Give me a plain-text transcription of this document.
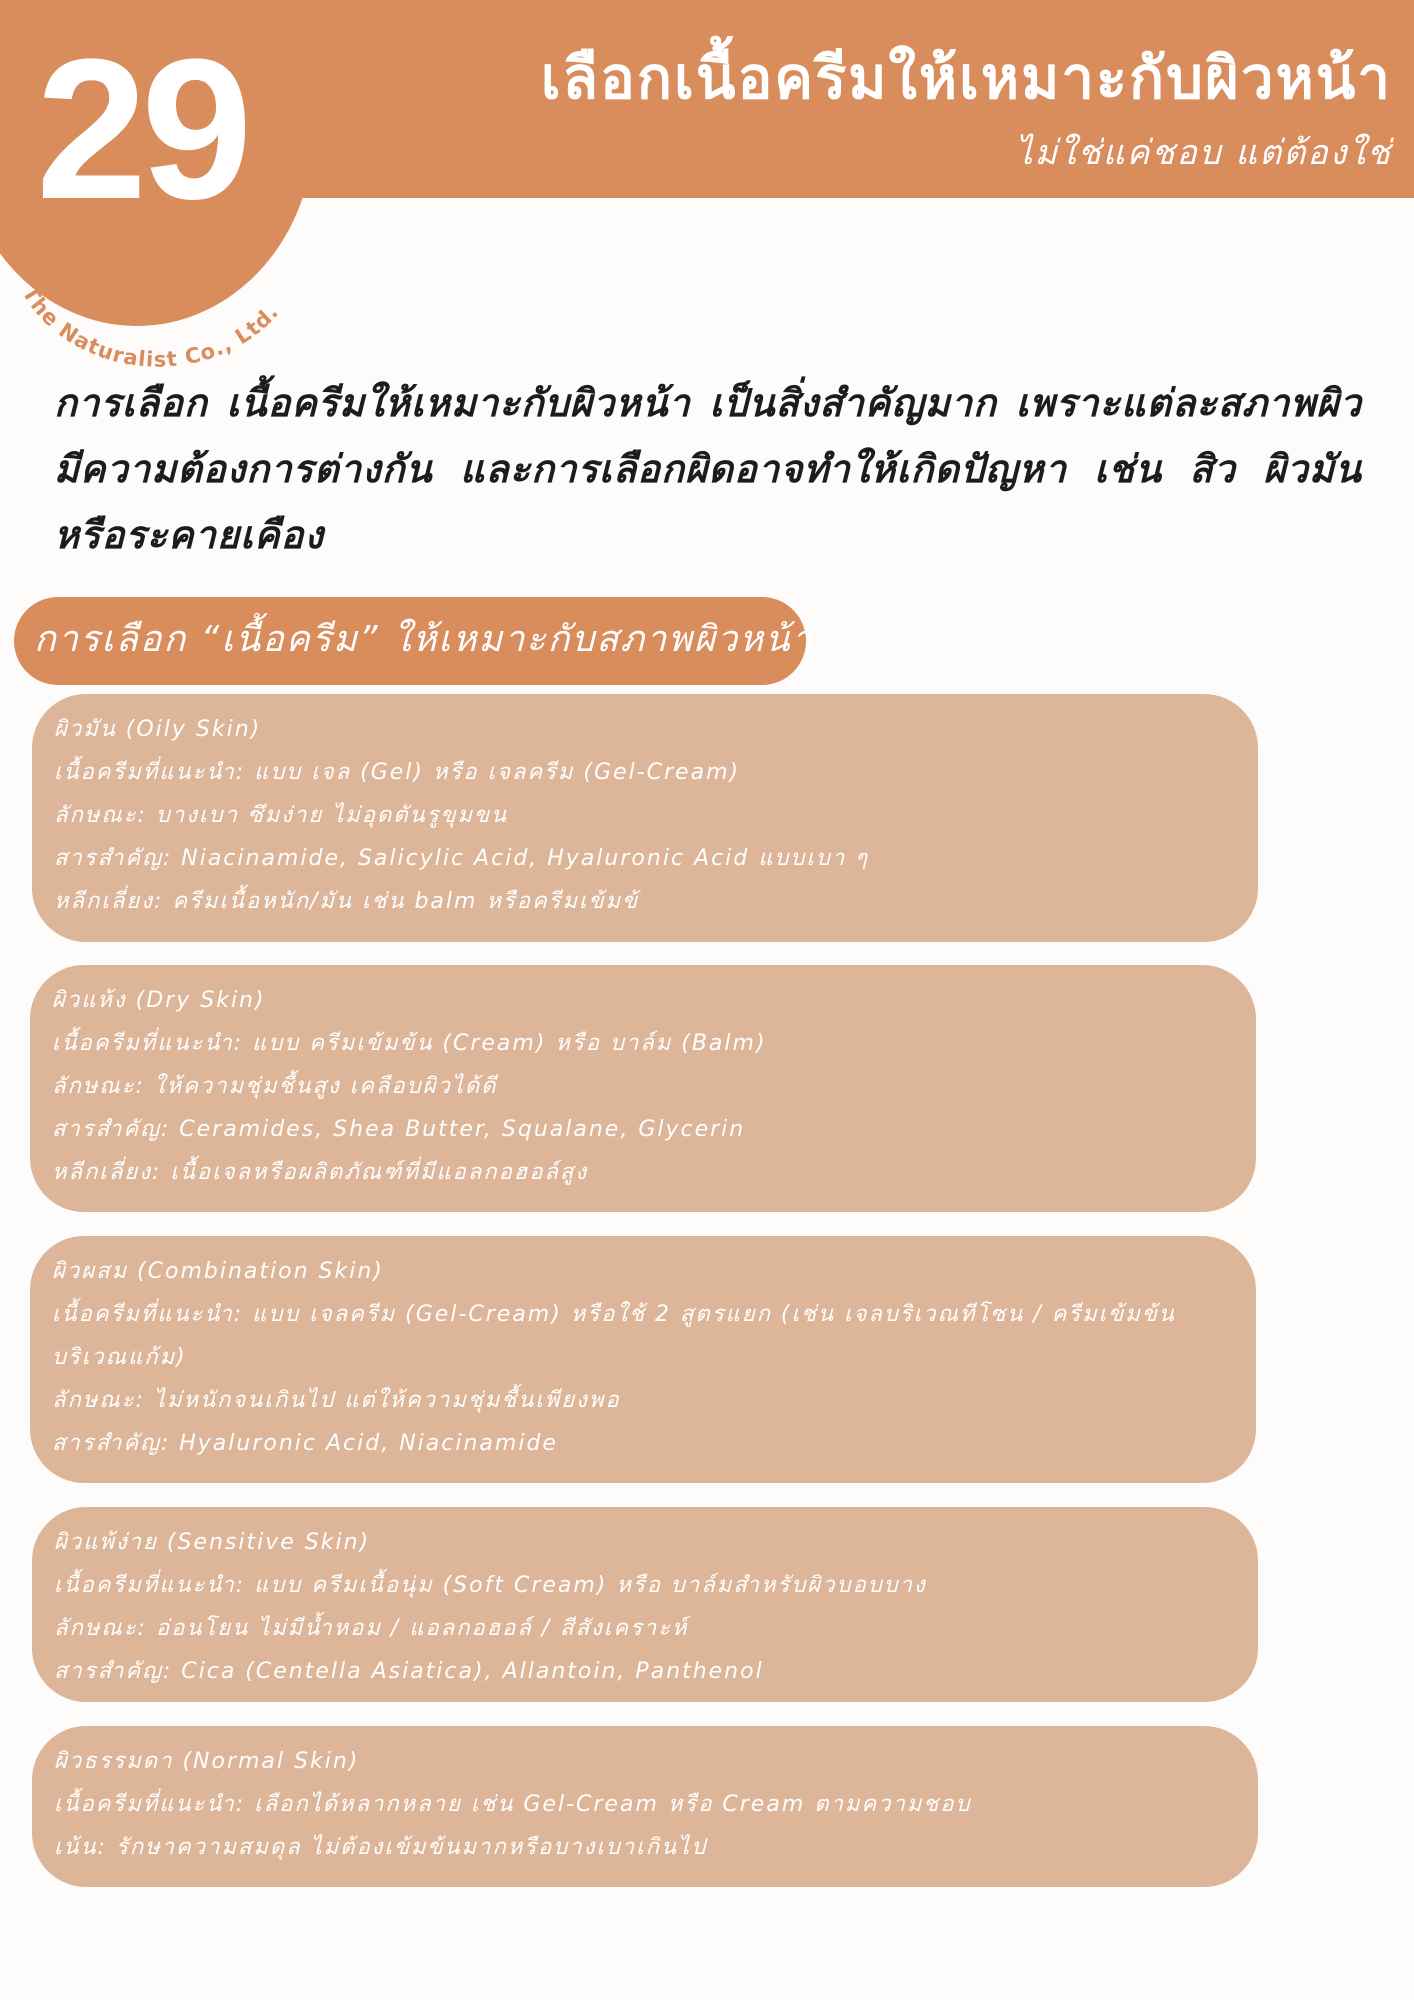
29	เลือกเนื้อครีมให้เหมาะกับผิวหน้า
ไม่ใช่แค่ชอบ แต่ต้องใช่
The Naturalist Co., Ltd.
การเลือก เนื้อครีมให้เหมาะกับผิวหน้า เป็นสิ่งสำคัญมาก เพราะแต่ละสภาพผิวมีความต้องการต่างกัน และการเลือกผิดอาจทำให้เกิดปัญหา เช่น สิว ผิวมัน หรือระคายเคือง
การเลือก “เนื้อครีม” ให้เหมาะกับสภาพผิวหน้า
ผิวมัน (Oily Skin)
เนื้อครีมที่แนะนำ: แบบ เจล (Gel) หรือ เจลครีม (Gel-Cream)
ลักษณะ: บางเบา ซึมง่าย ไม่อุดตันรูขุมขน
สารสำคัญ: Niacinamide, Salicylic Acid, Hyaluronic Acid แบบเบา ๆ
หลีกเลี่ยง: ครีมเนื้อหนัก/มัน เช่น balm หรือครีมเข้มข้
ผิวแห้ง (Dry Skin)
เนื้อครีมที่แนะนำ: แบบ ครีมเข้มข้น (Cream) หรือ บาล์ม (Balm)
ลักษณะ: ให้ความชุ่มชื้นสูง เคลือบผิวได้ดี
สารสำคัญ: Ceramides, Shea Butter, Squalane, Glycerin
หลีกเลี่ยง: เนื้อเจลหรือผลิตภัณฑ์ที่มีแอลกอฮอล์สูง
ผิวผสม (Combination Skin)
เนื้อครีมที่แนะนำ: แบบ เจลครีม (Gel-Cream) หรือใช้ 2 สูตรแยก (เช่น เจลบริเวณทีโซน / ครีมเข้มข้นบริเวณแก้ม)
ลักษณะ: ไม่หนักจนเกินไป แต่ให้ความชุ่มชื้นเพียงพอ
สารสำคัญ: Hyaluronic Acid, Niacinamide
ผิวแพ้ง่าย (Sensitive Skin)
เนื้อครีมที่แนะนำ: แบบ ครีมเนื้อนุ่ม (Soft Cream) หรือ บาล์มสำหรับผิวบอบบาง
ลักษณะ: อ่อนโยน ไม่มีน้ำหอม / แอลกอฮอล์ / สีสังเคราะห์
สารสำคัญ: Cica (Centella Asiatica), Allantoin, Panthenol
ผิวธรรมดา (Normal Skin)
เนื้อครีมที่แนะนำ: เลือกได้หลากหลาย เช่น Gel-Cream หรือ Cream ตามความชอบ
เน้น: รักษาความสมดุล ไม่ต้องเข้มข้นมากหรือบางเบาเกินไป
